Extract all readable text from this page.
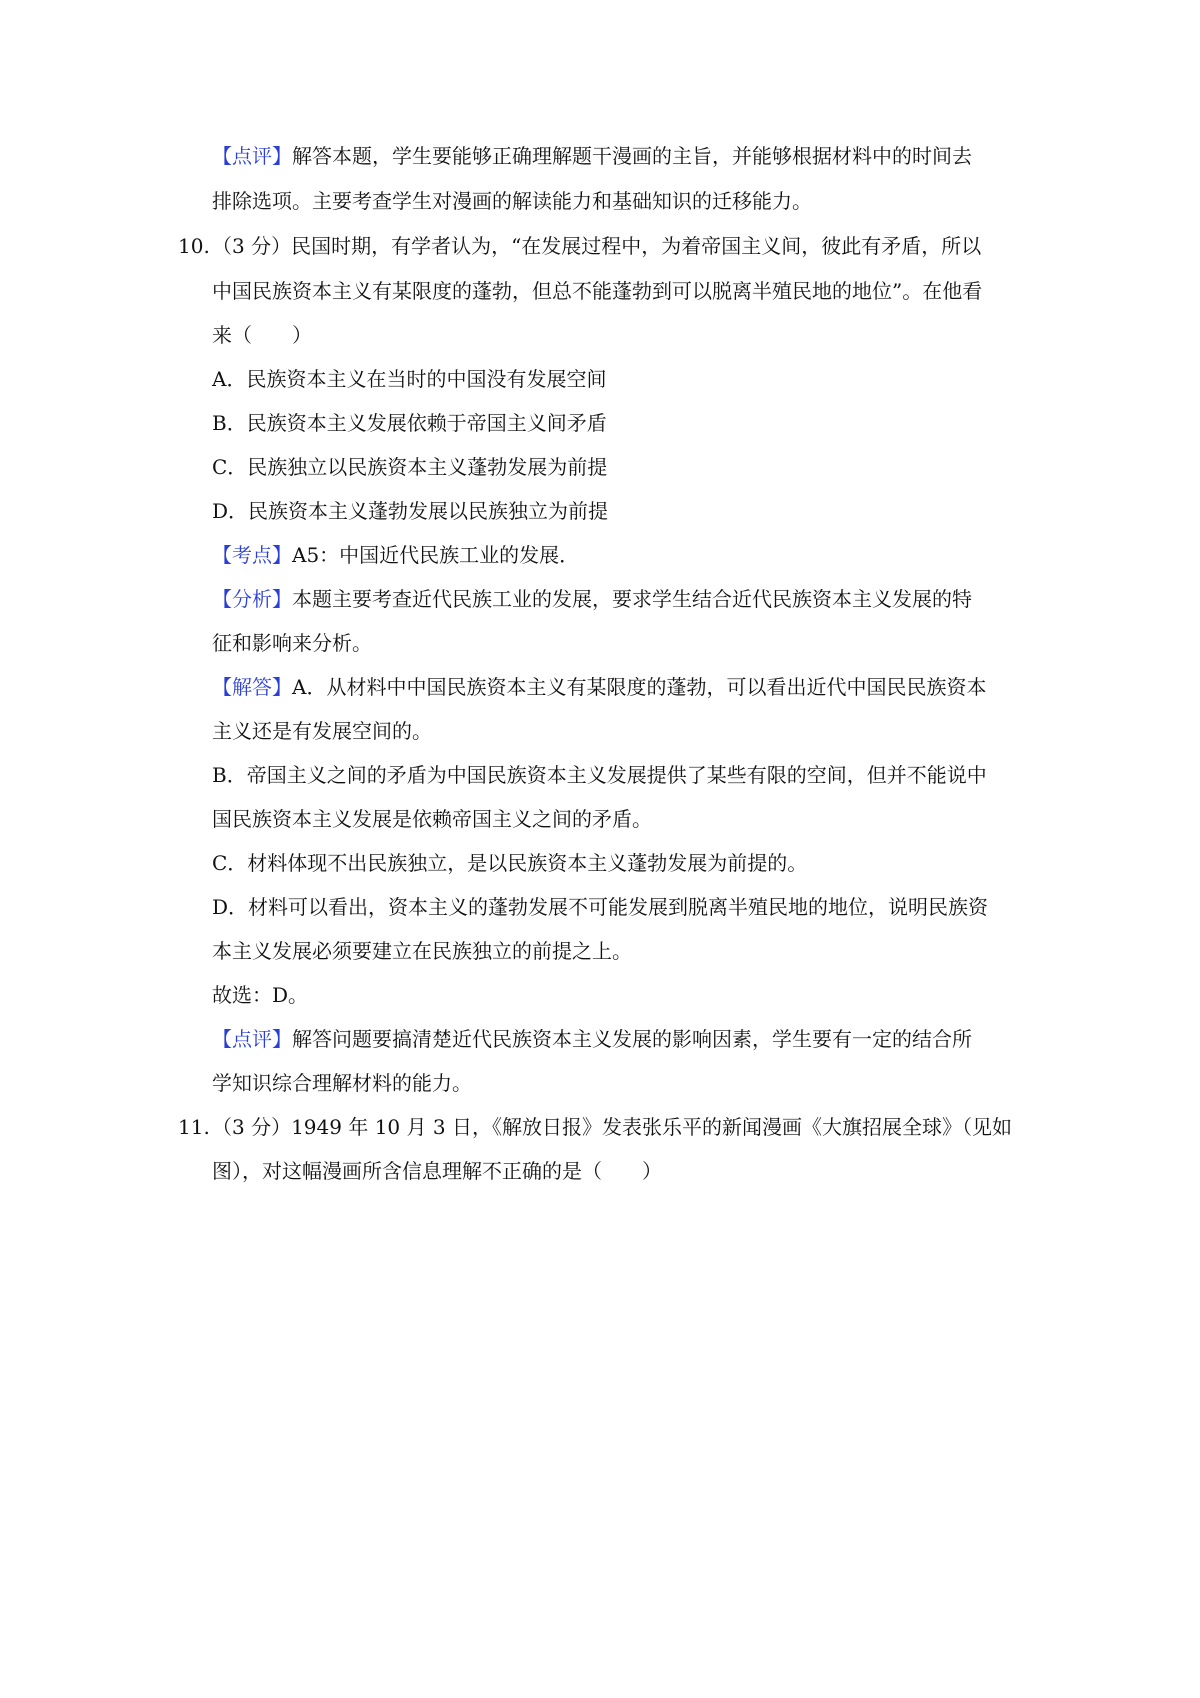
【点评】解答本题，学生要能够正确理解题干漫画的主旨，并能够根据材料中的时间去
排除选项。主要考查学生对漫画的解读能力和基础知识的迁移能力。
10. （3 分）民国时期，有学者认为，“在发展过程中，为着帝国主义间，彼此有矛盾，所以
中国民族资本主义有某限度的蓬勃，但总不能蓬勃到可以脱离半殖民地的地位”。在他看
来（　　）
A．民族资本主义在当时的中国没有发展空间
B．民族资本主义发展依赖于帝国主义间矛盾
C．民族独立以民族资本主义蓬勃发展为前提
D．民族资本主义蓬勃发展以民族独立为前提
【考点】A5：中国近代民族工业的发展．
【分析】本题主要考查近代民族工业的发展，要求学生结合近代民族资本主义发展的特
征和影响来分析。
【解答】A．从材料中中国民族资本主义有某限度的蓬勃，可以看出近代中国民民族资本
主义还是有发展空间的。
B．帝国主义之间的矛盾为中国民族资本主义发展提供了某些有限的空间，但并不能说中
国民族资本主义发展是依赖帝国主义之间的矛盾。
C．材料体现不出民族独立，是以民族资本主义蓬勃发展为前提的。
D．材料可以看出，资本主义的蓬勃发展不可能发展到脱离半殖民地的地位，说明民族资
本主义发展必须要建立在民族独立的前提之上。
故选：D。
【点评】解答问题要搞清楚近代民族资本主义发展的影响因素，学生要有一定的结合所
学知识综合理解材料的能力。
11. （3 分）1949 年 10 月 3 日，《解放日报》发表张乐平的新闻漫画《大旗招展全球》（见如
图），对这幅漫画所含信息理解不正确的是（　　）
